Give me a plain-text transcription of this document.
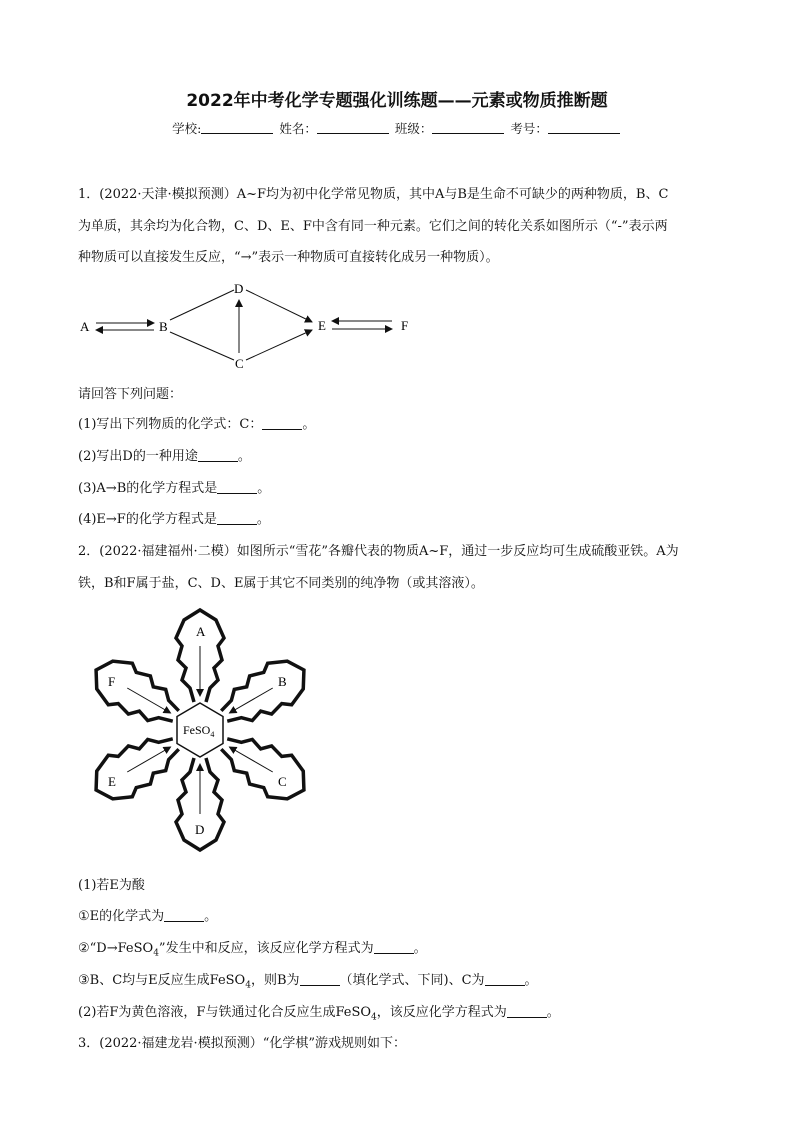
2022年中考化学专题强化训练题——元素或物质推断题
学校:	姓名：	班级：	考号：
1．(2022·天津·模拟预测）A~F均为初中化学常见物质，其中A与B是生命不可缺少的两种物质，B、C
为单质，其余均为化合物，C、D、E、F中含有同一种元素。它们之间的转化关系如图所示（“-”表示两
种物质可以直接发生反应，“→”表示一种物质可直接转化成另一种物质）。
A	B
D
C
E	F
请回答下列问题：
(1)写出下列物质的化学式：C：	。
(2)写出D的一种用途	。
(3)A→B的化学方程式是	。
(4)E→F的化学方程式是	。
2．(2022·福建福州·二模）如图所示“雪花”各瓣代表的物质A~F，通过一步反应均可生成硫酸亚铁。A为
铁，B和F属于盐，C、D、E属于其它不同类别的纯净物（或其溶液）。
FeSO$_4$
A
B
C
D
E
F
(1)若E为酸
①E的化学式为	。
②“D→FeSO$_4$”发生中和反应，该反应化学方程式为	。
③B、C均与E反应生成FeSO$_4$，则B为	（填化学式、下同)、C为	。
(2)若F为黄色溶液，F与铁通过化合反应生成FeSO$_4$，该反应化学方程式为	。
3．(2022·福建龙岩·模拟预测）“化学棋”游戏规则如下：
